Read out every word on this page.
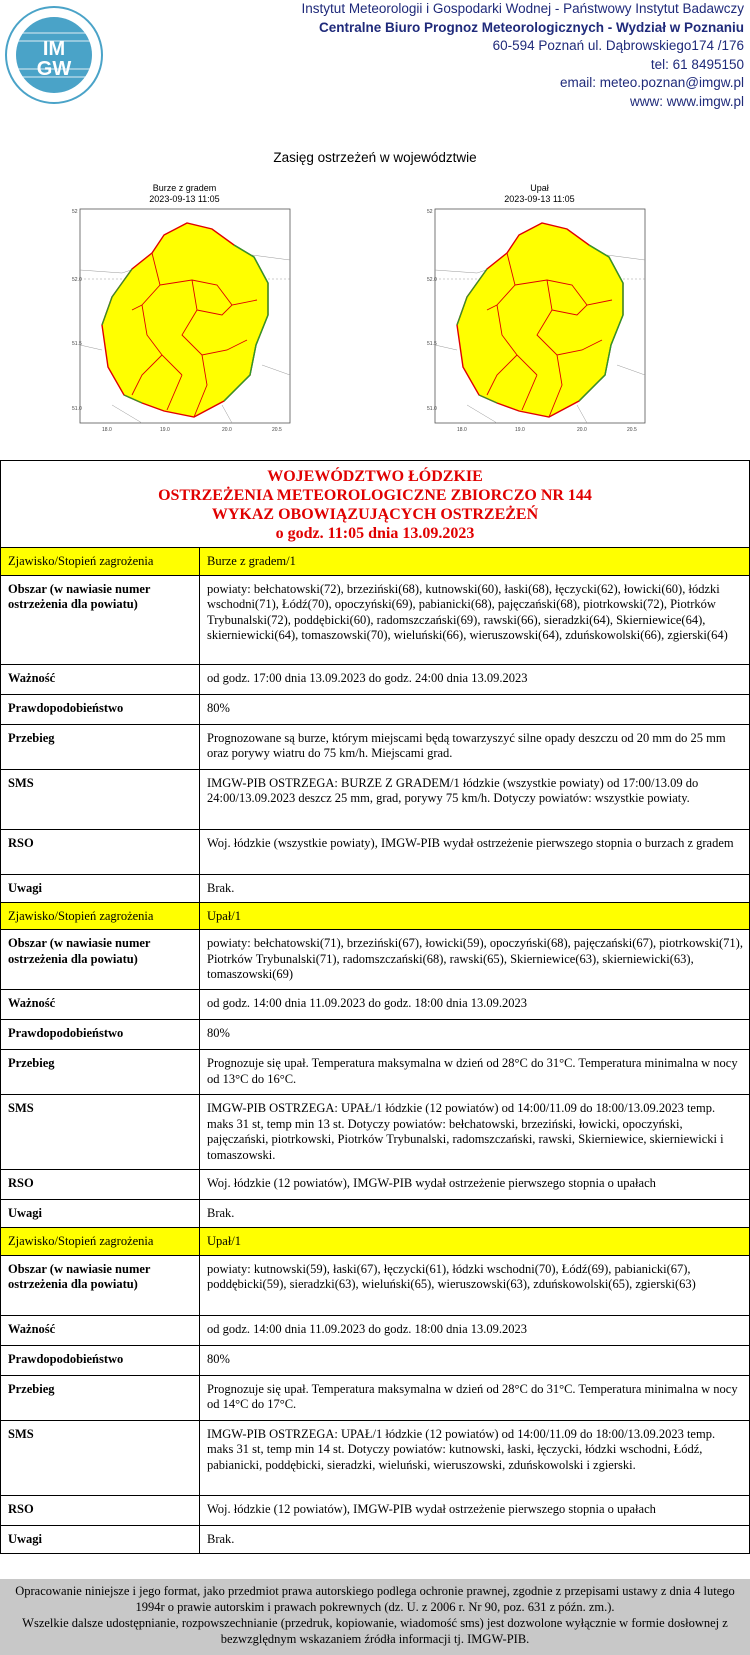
IM
GW
Instytut Meteorologii i Gospodarki Wodnej - Państwowy Instytut Badawczy
Centralne Biuro Prognoz Meteorologicznych - Wydział w Poznaniu
60-594 Poznań ul. Dąbrowskiego174 /176
tel: 61 8495150
email: meteo.poznan@imgw.pl
www: www.imgw.pl
Zasięg ostrzeżeń w województwie
Burze z gradem
2023-09-13 11:05
52
52.0
51.5
51.0
18.0	19.0	20.0	20.5
Upał
2023-09-13 11:05
52
52.0
51.5
51.0
18.0	19.0	20.0	20.5
WOJEWÓDZTWO ŁÓDZKIE
OSTRZEŻENIA METEOROLOGICZNE ZBIORCZO NR 144
WYKAZ OBOWIĄZUJĄCYCH OSTRZEŻEŃ
o godz. 11:05 dnia 13.09.2023	

Zjawisko/Stopień zagrożenia	Burze z gradem/1
Obszar (w nawiasie numer
ostrzeżenia dla powiatu)	powiaty: bełchatowski(72), brzeziński(68), kutnowski(60), łaski(68), łęczycki(62), łowicki(60), łódzki wschodni(71), Łódź(70), opoczyński(69), pabianicki(68), pajęczański(68), piotrkowski(72), Piotrków Trybunalski(72), poddębicki(60), radomszczański(69), rawski(66), sieradzki(64), Skierniewice(64), skierniewicki(64), tomaszowski(70), wieluński(66), wieruszowski(64), zduńskowolski(66), zgierski(64)
Ważność	od godz. 17:00 dnia 13.09.2023 do godz. 24:00 dnia 13.09.2023
Prawdopodobieństwo	80%
Przebieg	Prognozowane są burze, którym miejscami będą towarzyszyć silne opady deszczu od 20 mm do 25 mm oraz porywy wiatru do 75 km/h. Miejscami grad.
SMS	IMGW-PIB OSTRZEGA: BURZE Z GRADEM/1 łódzkie (wszystkie powiaty) od 17:00/13.09 do 24:00/13.09.2023 deszcz 25 mm, grad, porywy 75 km/h. Dotyczy powiatów: wszystkie powiaty.
RSO	Woj. łódzkie (wszystkie powiaty), IMGW-PIB wydał ostrzeżenie pierwszego stopnia o burzach z gradem
Uwagi	Brak.
Zjawisko/Stopień zagrożenia	Upał/1
Obszar (w nawiasie numer
ostrzeżenia dla powiatu)	powiaty: bełchatowski(71), brzeziński(67), łowicki(59), opoczyński(68), pajęczański(67), piotrkowski(71), Piotrków Trybunalski(71), radomszczański(68), rawski(65), Skierniewice(63), skierniewicki(63), tomaszowski(69)
Ważność	od godz. 14:00 dnia 11.09.2023 do godz. 18:00 dnia 13.09.2023
Prawdopodobieństwo	80%
Przebieg	Prognozuje się upał. Temperatura maksymalna w dzień od 28°C do 31°C. Temperatura minimalna w nocy od 13°C do 16°C.
SMS	IMGW-PIB OSTRZEGA: UPAŁ/1 łódzkie (12 powiatów) od 14:00/11.09 do 18:00/13.09.2023 temp. maks 31 st, temp min 13 st. Dotyczy powiatów: bełchatowski, brzeziński, łowicki, opoczyński, pajęczański, piotrkowski, Piotrków Trybunalski, radomszczański, rawski, Skierniewice, skierniewicki i tomaszowski.
RSO	Woj. łódzkie (12 powiatów), IMGW-PIB wydał ostrzeżenie pierwszego stopnia o upałach
Uwagi	Brak.
Zjawisko/Stopień zagrożenia	Upał/1
Obszar (w nawiasie numer
ostrzeżenia dla powiatu)	powiaty: kutnowski(59), łaski(67), łęczycki(61), łódzki wschodni(70), Łódź(69), pabianicki(67), poddębicki(59), sieradzki(63), wieluński(65), wieruszowski(63), zduńskowolski(65), zgierski(63)
Ważność	od godz. 14:00 dnia 11.09.2023 do godz. 18:00 dnia 13.09.2023
Prawdopodobieństwo	80%
Przebieg	Prognozuje się upał. Temperatura maksymalna w dzień od 28°C do 31°C. Temperatura minimalna w nocy od 14°C do 17°C.
SMS	IMGW-PIB OSTRZEGA: UPAŁ/1 łódzkie (12 powiatów) od 14:00/11.09 do 18:00/13.09.2023 temp. maks 31 st, temp min 14 st. Dotyczy powiatów: kutnowski, łaski, łęczycki, łódzki wschodni, Łódź, pabianicki, poddębicki, sieradzki, wieluński, wieruszowski, zduńskowolski i zgierski.
RSO	Woj. łódzkie (12 powiatów), IMGW-PIB wydał ostrzeżenie pierwszego stopnia o upałach
Uwagi	Brak.
Opracowanie niniejsze i jego format, jako przedmiot prawa autorskiego podlega ochronie prawnej, zgodnie z przepisami ustawy z dnia 4 lutego 1994r o prawie autorskim i prawach pokrewnych (dz. U. z 2006 r. Nr 90, poz. 631 z późn. zm.).
Wszelkie dalsze udostępnianie, rozpowszechnianie (przedruk, kopiowanie, wiadomość sms) jest dozwolone wyłącznie w formie dosłownej z bezwzględnym wskazaniem źródła informacji tj. IMGW-PIB.
